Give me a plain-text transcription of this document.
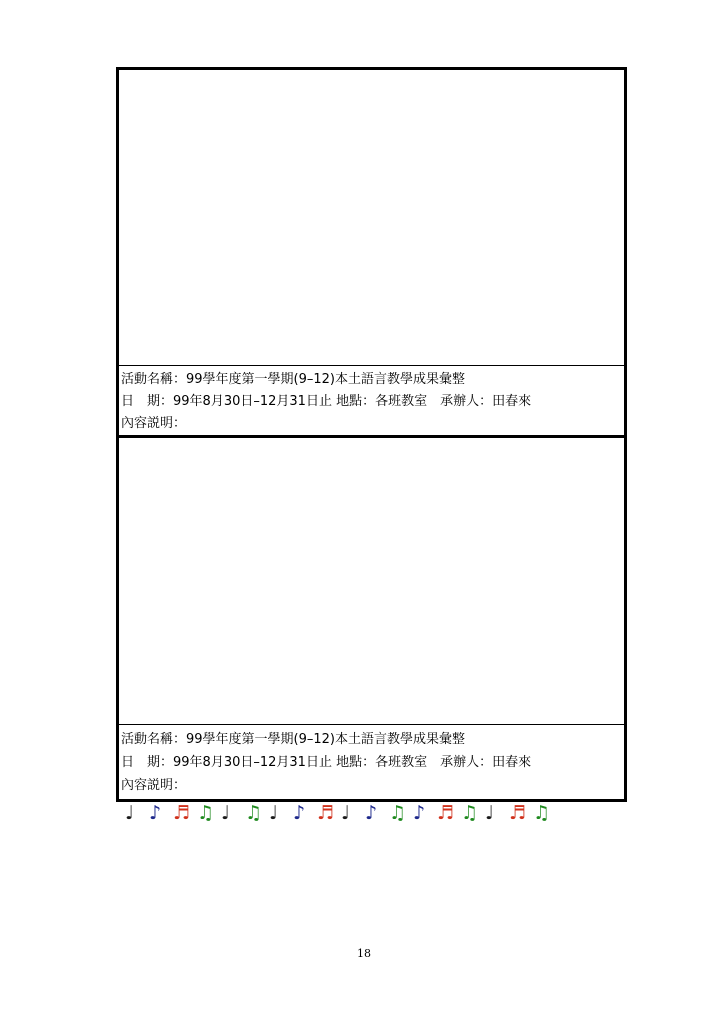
活動名稱：99學年度第一學期(9–12)本土語言教學成果彙整
日　期：99年8月30日–12月31日止 地點：各班教室　承辦人：田春來
內容説明：
活動名稱：99學年度第一學期(9–12)本土語言教學成果彙整
日　期：99年8月30日–12月31日止 地點：各班教室　承辦人：田春來
內容説明：
♩ ♪ ♬ ♫ ♩ ♫ ♩ ♪ ♬ ♩ ♪ ♫ ♪ ♬ ♫ ♩ ♬ ♫
18
